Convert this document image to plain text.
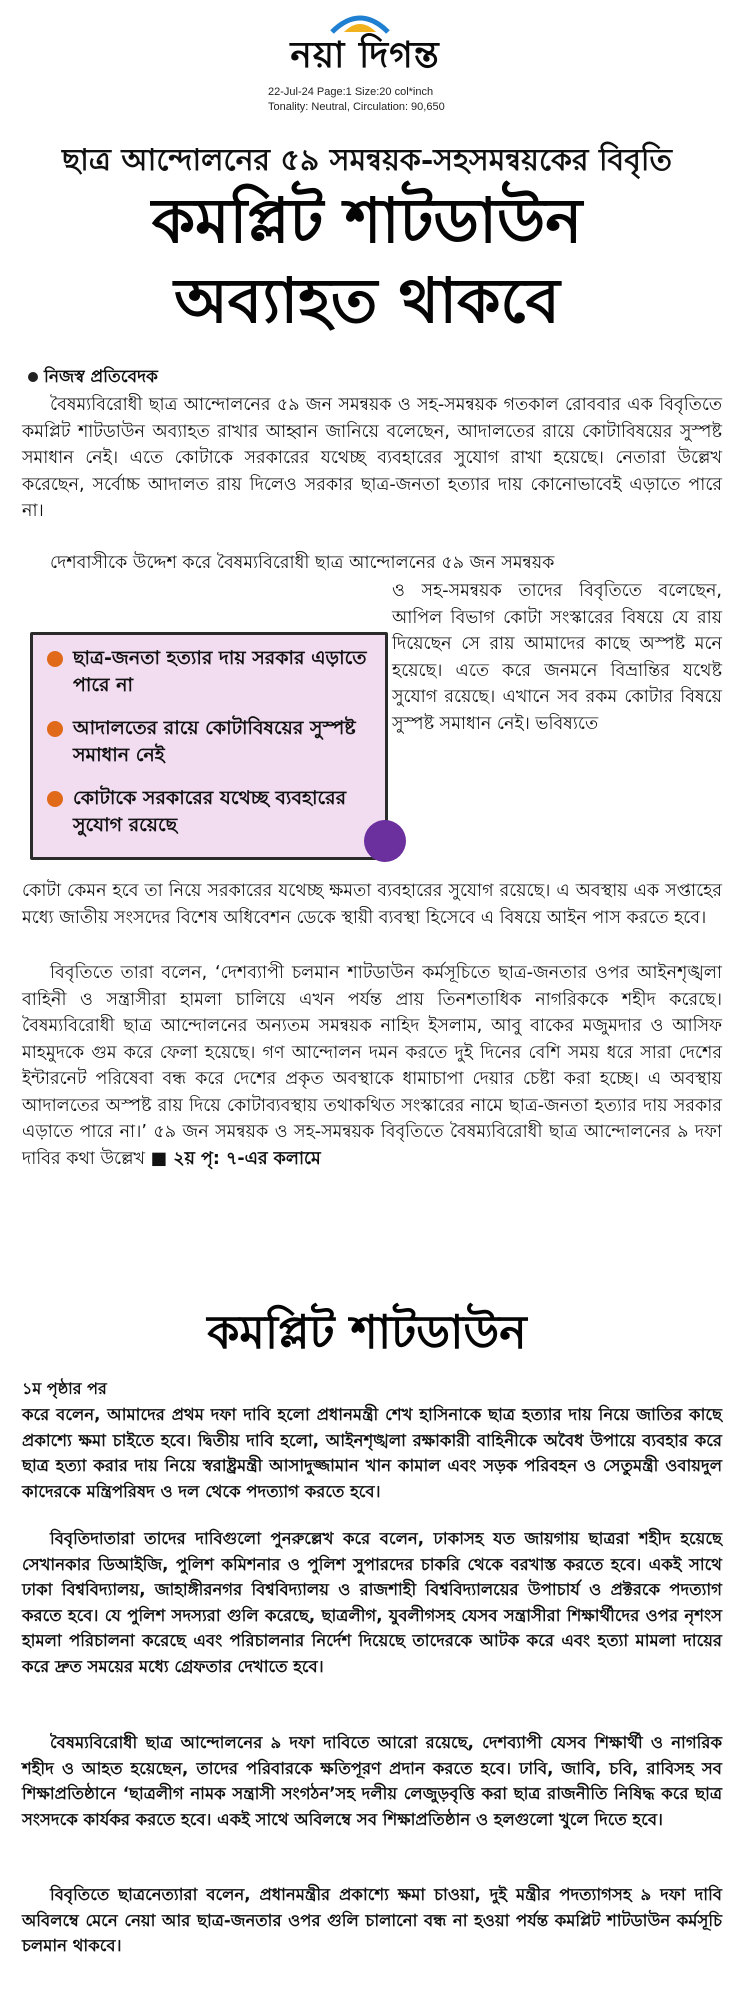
নয়া দিগন্ত
22-Jul-24 Page:1 Size:20 col*inch
Tonality: Neutral, Circulation: 90,650
ছাত্র আন্দোলনের ৫৯ সমন্বয়ক-সহসমন্বয়কের বিবৃতি
কমপ্লিট শাটডাউন
অব্যাহত থাকবে
নিজস্ব প্রতিবেদক
বৈষম্যবিরোধী ছাত্র আন্দোলনের ৫৯ জন সমন্বয়ক ও সহ-সমন্বয়ক গতকাল রোববার এক বিবৃতিতে কমপ্লিট শাটডাউন অব্যাহত রাখার আহ্বান জানিয়ে বলেছেন, আদালতের রায়ে কোটাবিষয়ের সুস্পষ্ট সমাধান নেই। এতে কোটাকে সরকারের যথেচ্ছ ব্যবহারের সুযোগ রাখা হয়েছে। নেতারা উল্লেখ করেছেন, সর্বোচ্চ আদালত রায় দিলেও সরকার ছাত্র-জনতা হত্যার দায় কোনোভাবেই এড়াতে পারে না।
দেশবাসীকে উদ্দেশ করে বৈষম্যবিরোধী ছাত্র আন্দোলনের ৫৯ জন সমন্বয়ক
ও সহ-সমন্বয়ক তাদের বিবৃতিতে বলেছেন, আপিল বিভাগ কোটা সংস্কারের বিষয়ে যে রায় দিয়েছেন সে রায় আমাদের কাছে অস্পষ্ট মনে হয়েছে। এতে করে জনমনে বিভ্রান্তির যথেষ্ট সুযোগ রয়েছে। এখানে সব রকম কোটার বিষয়ে সুস্পষ্ট সমাধান নেই। ভবিষ্যতে
ছাত্র-জনতা হত্যার দায় সরকার এড়াতে পারে না
আদালতের রায়ে কোটাবিষয়ের সুস্পষ্ট সমাধান নেই
কোটাকে সরকারের যথেচ্ছ ব্যবহারের সুযোগ রয়েছে
কোটা কেমন হবে তা নিয়ে সরকারের যথেচ্ছ ক্ষমতা ব্যবহারের সুযোগ রয়েছে। এ অবস্থায় এক সপ্তাহের মধ্যে জাতীয় সংসদের বিশেষ অধিবেশন ডেকে স্থায়ী ব্যবস্থা হিসেবে এ বিষয়ে আইন পাস করতে হবে।
বিবৃতিতে তারা বলেন, ‘দেশব্যাপী চলমান শাটডাউন কর্মসূচিতে ছাত্র-জনতার ওপর আইনশৃঙ্খলা বাহিনী ও সন্ত্রাসীরা হামলা চালিয়ে এখন পর্যন্ত প্রায় তিনশতাধিক নাগরিককে শহীদ করেছে। বৈষম্যবিরোধী ছাত্র আন্দোলনের অন্যতম সমন্বয়ক নাহিদ ইসলাম, আবু বাকের মজুমদার ও আসিফ মাহমুদকে গুম করে ফেলা হয়েছে। গণ আন্দোলন দমন করতে দুই দিনের বেশি সময় ধরে সারা দেশের ইন্টারনেট পরিষেবা বন্ধ করে দেশের প্রকৃত অবস্থাকে ধামাচাপা দেয়ার চেষ্টা করা হচ্ছে। এ অবস্থায় আদালতের অস্পষ্ট রায় দিয়ে কোটাব্যবস্থায় তথাকথিত সংস্কারের নামে ছাত্র-জনতা হত্যার দায় সরকার এড়াতে পারে না।’ ৫৯ জন সমন্বয়ক ও সহ-সমন্বয়ক বিবৃতিতে বৈষম্যবিরোধী ছাত্র আন্দোলনের ৯ দফা দাবির কথা উল্লেখ ■ ২য় পৃ: ৭-এর কলামে
কমপ্লিট শাটডাউন
১ম পৃষ্ঠার পর
করে বলেন, আমাদের প্রথম দফা দাবি হলো প্রধানমন্ত্রী শেখ হাসিনাকে ছাত্র হত্যার দায় নিয়ে জাতির কাছে প্রকাশ্যে ক্ষমা চাইতে হবে। দ্বিতীয় দাবি হলো, আইনশৃঙ্খলা রক্ষাকারী বাহিনীকে অবৈধ উপায়ে ব্যবহার করে ছাত্র হত্যা করার দায় নিয়ে স্বরাষ্ট্রমন্ত্রী আসাদুজ্জামান খান কামাল এবং সড়ক পরিবহন ও সেতুমন্ত্রী ওবায়দুল কাদেরকে মন্ত্রিপরিষদ ও দল থেকে পদত্যাগ করতে হবে।
বিবৃতিদাতারা তাদের দাবিগুলো পুনরুল্লেখ করে বলেন, ঢাকাসহ যত জায়গায় ছাত্ররা শহীদ হয়েছে সেখানকার ডিআইজি, পুলিশ কমিশনার ও পুলিশ সুপারদের চাকরি থেকে বরখাস্ত করতে হবে। একই সাথে ঢাকা বিশ্ববিদ্যালয়, জাহাঙ্গীরনগর বিশ্ববিদ্যালয় ও রাজশাহী বিশ্ববিদ্যালয়ের উপাচার্য ও প্রক্টরকে পদত্যাগ করতে হবে। যে পুলিশ সদস্যরা গুলি করেছে, ছাত্রলীগ, যুবলীগসহ যেসব সন্ত্রাসীরা শিক্ষার্থীদের ওপর নৃশংস হামলা পরিচালনা করেছে এবং পরিচালনার নির্দেশ দিয়েছে তাদেরকে আটক করে এবং হত্যা মামলা দায়ের করে দ্রুত সময়ের মধ্যে গ্রেফতার দেখাতে হবে।
বৈষম্যবিরোধী ছাত্র আন্দোলনের ৯ দফা দাবিতে আরো রয়েছে, দেশব্যাপী যেসব শিক্ষার্থী ও নাগরিক শহীদ ও আহত হয়েছেন, তাদের পরিবারকে ক্ষতিপূরণ প্রদান করতে হবে। ঢাবি, জাবি, চবি, রাবিসহ সব শিক্ষাপ্রতিষ্ঠানে ‘ছাত্রলীগ নামক সন্ত্রাসী সংগঠন’সহ দলীয় লেজুড়বৃত্তি করা ছাত্র রাজনীতি নিষিদ্ধ করে ছাত্র সংসদকে কার্যকর করতে হবে। একই সাথে অবিলম্বে সব শিক্ষাপ্রতিষ্ঠান ও হলগুলো খুলে দিতে হবে।
বিবৃতিতে ছাত্রনেত্যারা বলেন, প্রধানমন্ত্রীর প্রকাশ্যে ক্ষমা চাওয়া, দুই মন্ত্রীর পদত্যাগসহ ৯ দফা দাবি অবিলম্বে মেনে নেয়া আর ছাত্র-জনতার ওপর গুলি চালানো বন্ধ না হওয়া পর্যন্ত কমপ্লিট শাটডাউন কর্মসূচি চলমান থাকবে।
